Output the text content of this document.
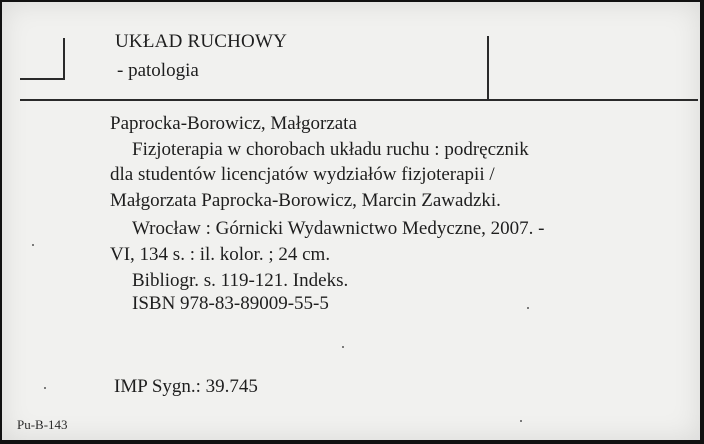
UKŁAD RUCHOWY
- patologia
Paprocka-Borowicz, Małgorzata
Fizjoterapia w chorobach układu ruchu : podręcznik
dla studentów licencjatów wydziałów fizjoterapii /
Małgorzata Paprocka-Borowicz, Marcin Zawadzki.
Wrocław : Górnicki Wydawnictwo Medyczne, 2007. -
VI, 134 s. : il. kolor. ; 24 cm.
Bibliogr. s. 119-121. Indeks.
ISBN 978-83-89009-55-5
IMP Sygn.: 39.745
Pu-B-143
